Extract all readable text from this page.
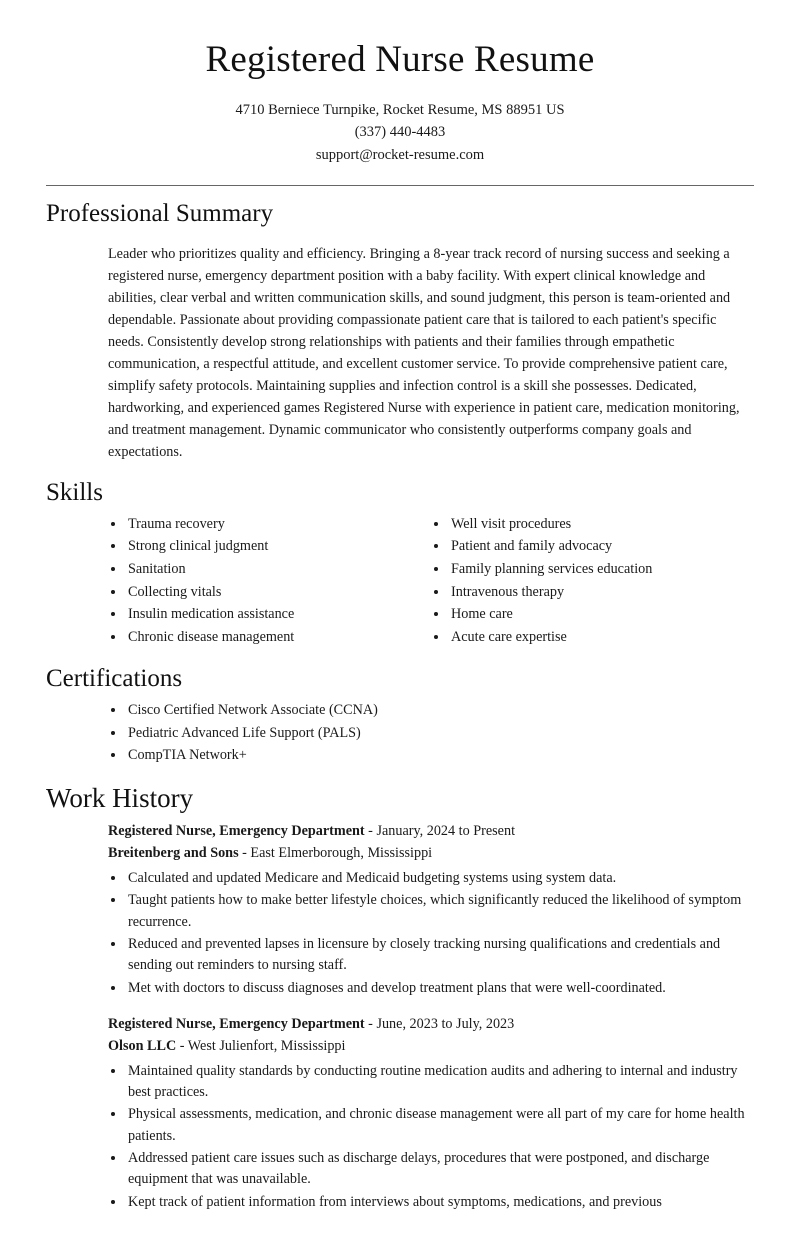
Registered Nurse Resume
4710 Berniece Turnpike, Rocket Resume, MS 88951 US
(337) 440-4483
support@rocket-resume.com
Professional Summary

Leader who prioritizes quality and efficiency. Bringing a 8-year track record of nursing success and seeking a registered nurse, emergency department position with a baby facility. With expert clinical knowledge and abilities, clear verbal and written communication skills, and sound judgment, this person is team-oriented and dependable. Passionate about providing compassionate patient care that is tailored to each patient's specific needs. Consistently develop strong relationships with patients and their families through empathetic communication, a respectful attitude, and excellent customer service. To provide comprehensive patient care, simplify safety protocols. Maintaining supplies and infection control is a skill she possesses. Dedicated, hardworking, and experienced games Registered Nurse with experience in patient care, medication monitoring, and treatment management. Dynamic communicator who consistently outperforms company goals and expectations.

Skills
• Trauma recovery
• Strong clinical judgment
• Sanitation
• Collecting vitals
• Insulin medication assistance
• Chronic disease management
• Well visit procedures
• Patient and family advocacy
• Family planning services education
• Intravenous therapy
• Home care
• Acute care expertise
Certifications
• Cisco Certified Network Associate (CCNA)
• Pediatric Advanced Life Support (PALS)
• CompTIA Network+
Work History
Registered Nurse, Emergency Department - January, 2024 to Present
Breitenberg and Sons - East Elmerborough, Mississippi
• Calculated and updated Medicare and Medicaid budgeting systems using system data.
• Taught patients how to make better lifestyle choices, which significantly reduced the likelihood of symptom recurrence.
• Reduced and prevented lapses in licensure by closely tracking nursing qualifications and credentials and sending out reminders to nursing staff.
• Met with doctors to discuss diagnoses and develop treatment plans that were well-coordinated.
Registered Nurse, Emergency Department - June, 2023 to July, 2023
Olson LLC - West Julienfort, Mississippi
• Maintained quality standards by conducting routine medication audits and adhering to internal and industry best practices.
• Physical assessments, medication, and chronic disease management were all part of my care for home health patients.
• Addressed patient care issues such as discharge delays, procedures that were postponed, and discharge equipment that was unavailable.
• Kept track of patient information from interviews about symptoms, medications, and previous
